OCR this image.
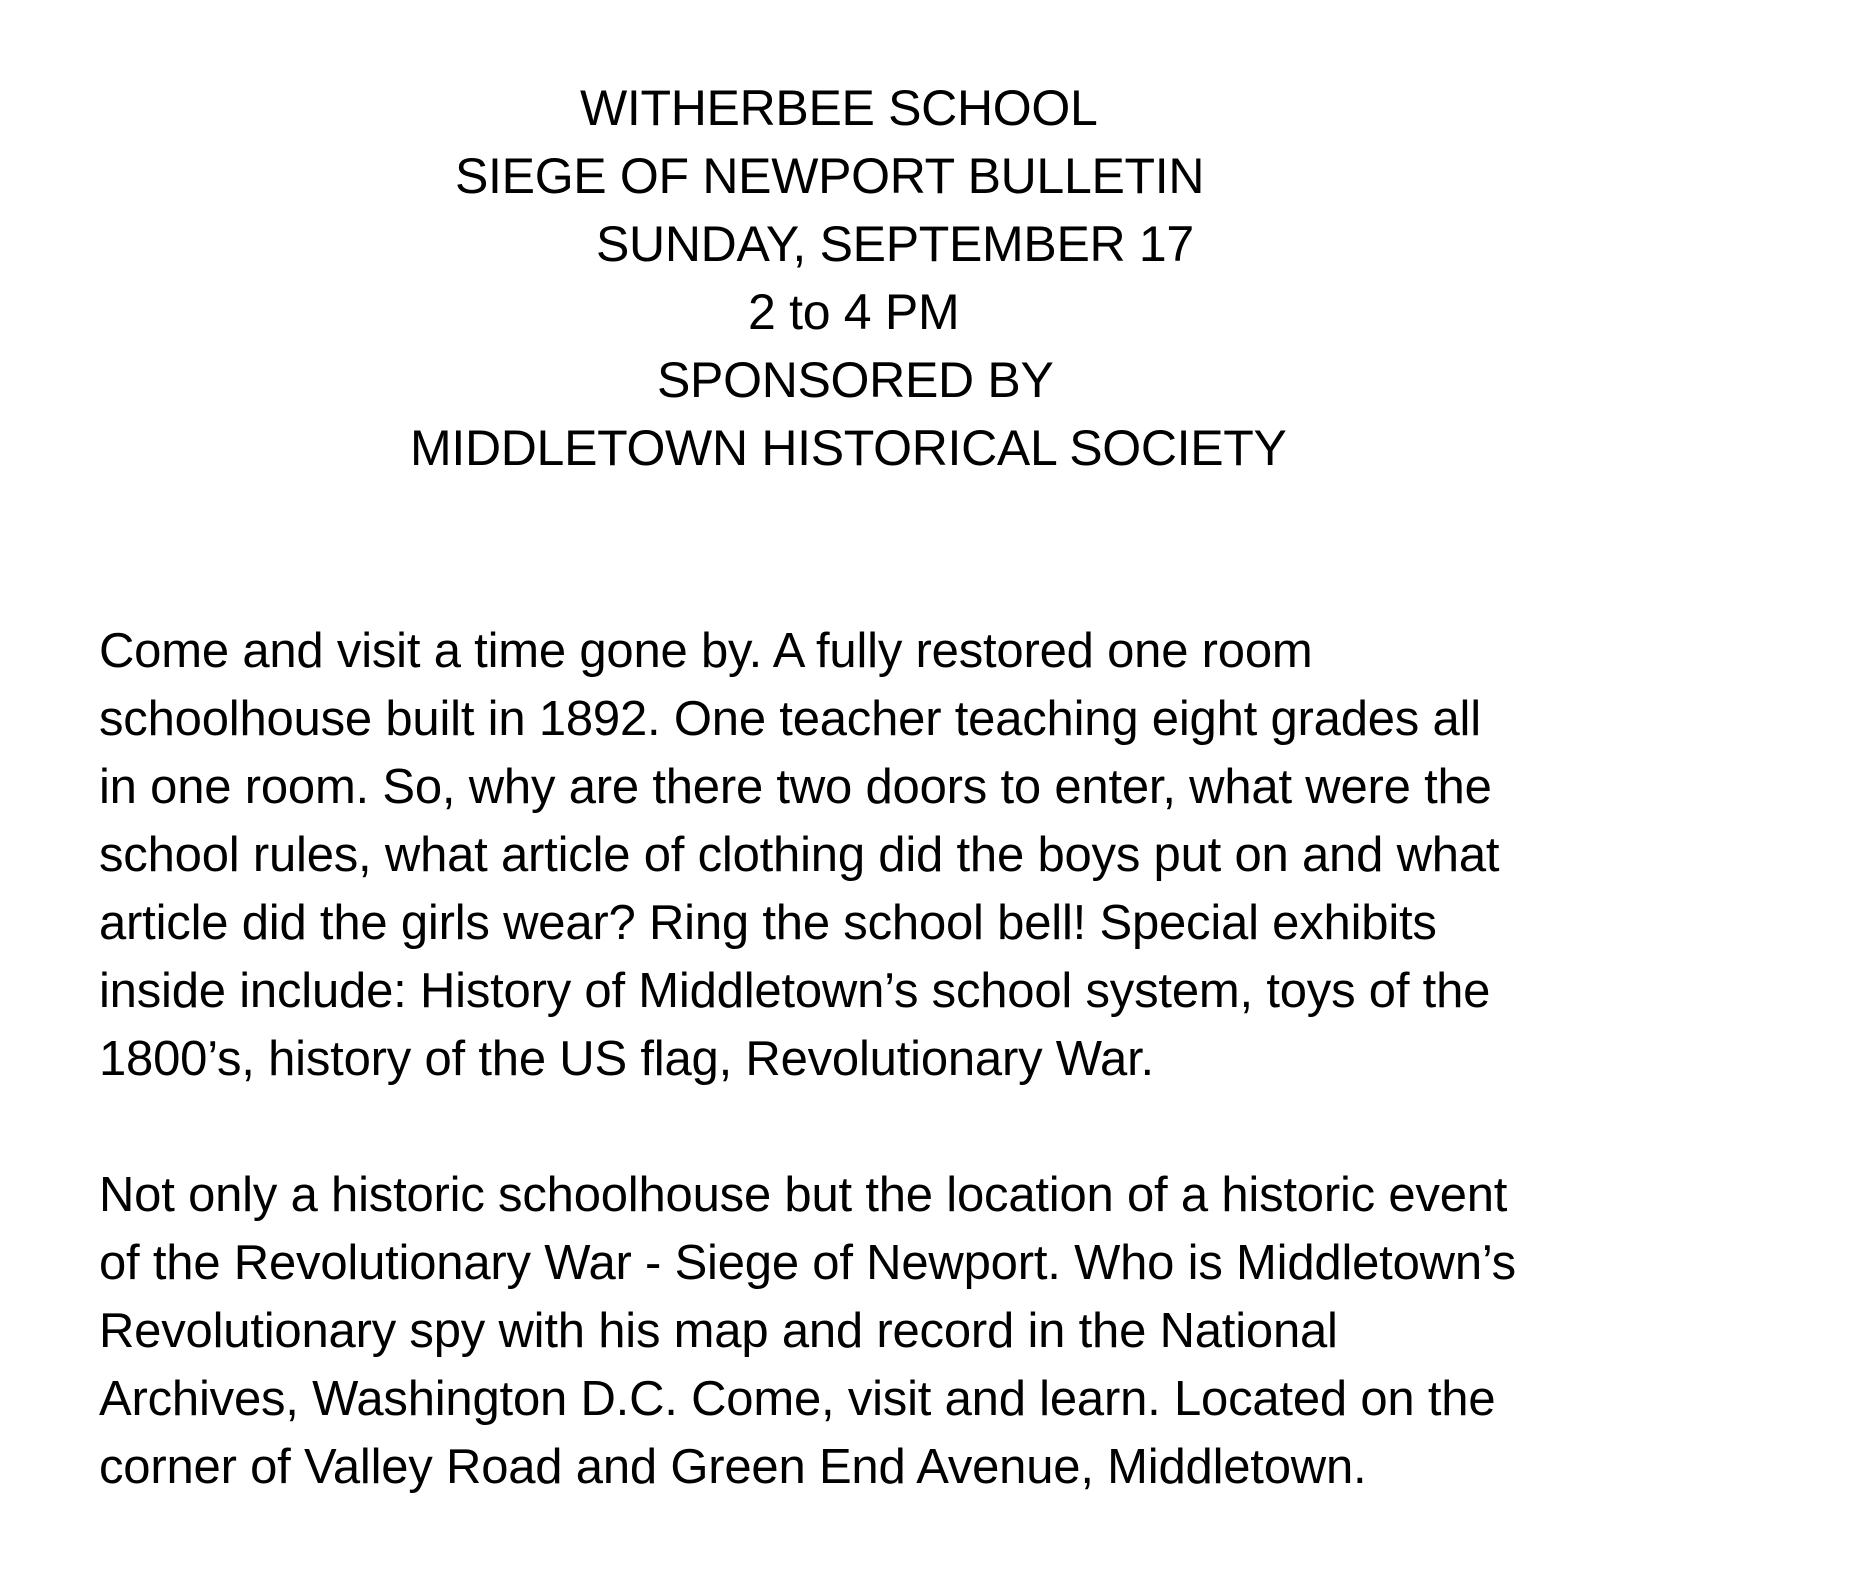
WITHERBEE SCHOOL
SIEGE OF NEWPORT BULLETIN
SUNDAY, SEPTEMBER 17
2 to 4 PM
SPONSORED BY
MIDDLETOWN HISTORICAL SOCIETY
Come and visit a time gone by. A fully restored one room
schoolhouse built in 1892. One teacher teaching eight grades all
in one room. So, why are there two doors to enter, what were the
school rules, what article of clothing did the boys put on and what
article did the girls wear? Ring the school bell! Special exhibits
inside include: History of Middletown’s school system, toys of the
1800’s, history of the US flag, Revolutionary War.
Not only a historic schoolhouse but the location of a historic event
of the Revolutionary War - Siege of Newport. Who is Middletown’s
Revolutionary spy with his map and record in the National
Archives, Washington D.C. Come, visit and learn. Located on the
corner of Valley Road and Green End Avenue, Middletown.
